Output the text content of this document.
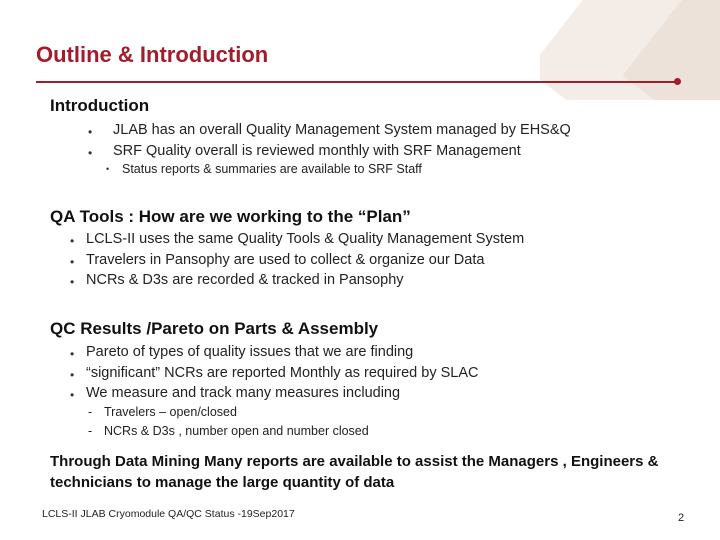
Outline & Introduction
Introduction
• JLAB has an overall Quality Management System managed by EHS&Q
• SRF Quality overall is reviewed monthly with SRF Management
• Status reports & summaries are available to SRF Staff
QA Tools : How are we working to the “Plan”
• LCLS-II uses the same Quality Tools & Quality Management System
• Travelers in Pansophy are used to collect & organize our Data
• NCRs & D3s are recorded & tracked in Pansophy
QC Results /Pareto on Parts & Assembly
• Pareto of types of quality issues that we are finding
• “significant” NCRs are reported Monthly as required by SLAC
• We measure and track many measures including
- Travelers – open/closed
- NCRs & D3s , number open and number closed
Through Data Mining Many reports are available to assist the Managers , Engineers & technicians to manage the large quantity of data
LCLS-II JLAB Cryomodule QA/QC Status -19Sep2017	2
